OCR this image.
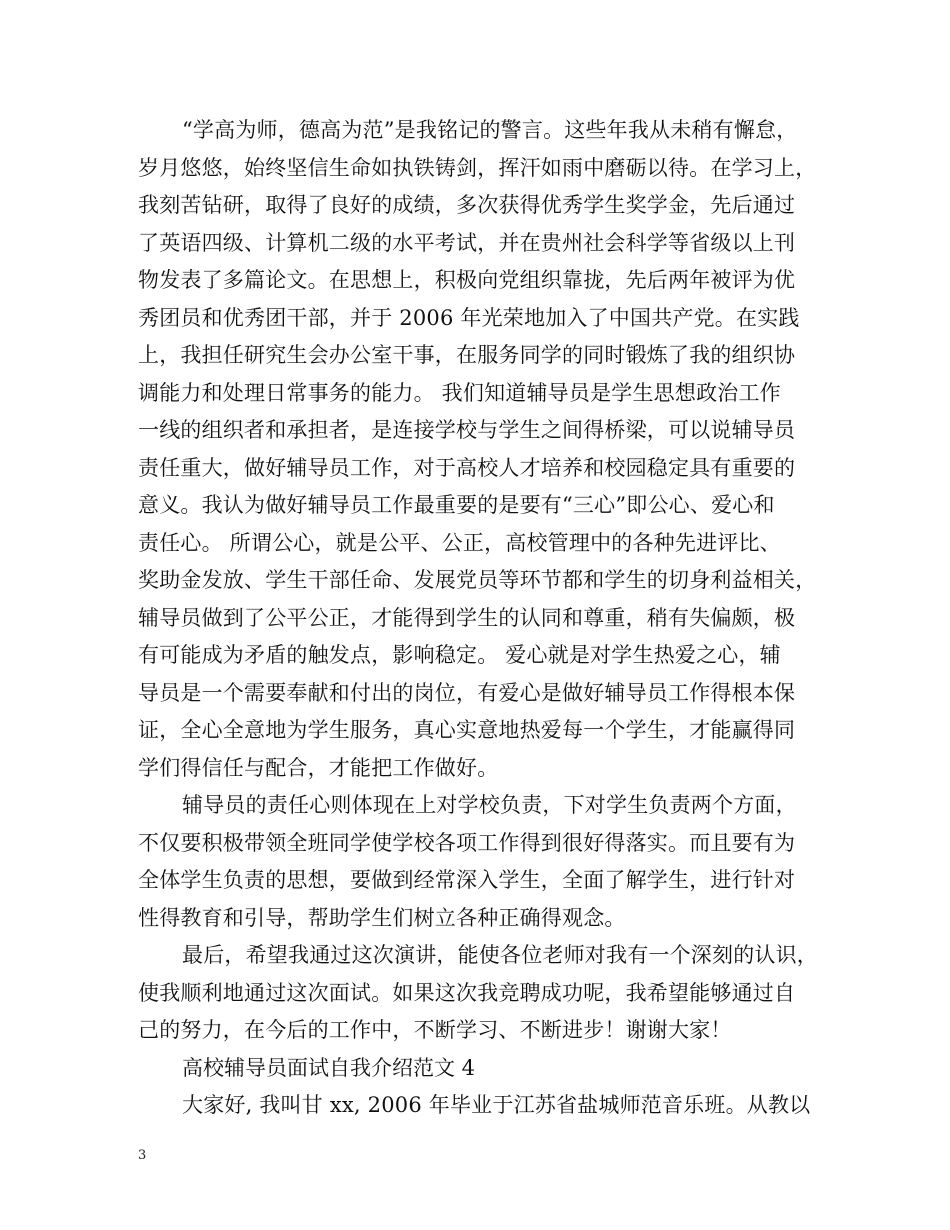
“学高为师，德高为范”是我铭记的警言。这些年我从未稍有懈怠，
岁月悠悠，始终坚信生命如执铁铸剑，挥汗如雨中磨砺以待。在学习上，
我刻苦钻研，取得了良好的成绩，多次获得优秀学生奖学金，先后通过
了英语四级、计算机二级的水平考试，并在贵州社会科学等省级以上刊
物发表了多篇论文。在思想上，积极向党组织靠拢，先后两年被评为优
秀团员和优秀团干部，并于 2006 年光荣地加入了中国共产党。在实践
上，我担任研究生会办公室干事，在服务同学的同时锻炼了我的组织协
调能力和处理日常事务的能力。 我们知道辅导员是学生思想政治工作
一线的组织者和承担者，是连接学校与学生之间得桥梁，可以说辅导员
责任重大，做好辅导员工作，对于高校人才培养和校园稳定具有重要的
意义。我认为做好辅导员工作最重要的是要有“三心”即公心、爱心和
责任心。 所谓公心，就是公平、公正，高校管理中的各种先进评比、
奖助金发放、学生干部任命、发展党员等环节都和学生的切身利益相关，
辅导员做到了公平公正，才能得到学生的认同和尊重，稍有失偏颇，极
有可能成为矛盾的触发点，影响稳定。 爱心就是对学生热爱之心，辅
导员是一个需要奉献和付出的岗位，有爱心是做好辅导员工作得根本保
证，全心全意地为学生服务，真心实意地热爱每一个学生，才能赢得同
学们得信任与配合，才能把工作做好。

辅导员的责任心则体现在上对学校负责，下对学生负责两个方面，
不仅要积极带领全班同学使学校各项工作得到很好得落实。而且要有为
全体学生负责的思想，要做到经常深入学生，全面了解学生，进行针对
性得教育和引导，帮助学生们树立各种正确得观念。

最后，希望我通过这次演讲，能使各位老师对我有一个深刻的认识，
使我顺利地通过这次面试。如果这次我竞聘成功呢，我希望能够通过自
己的努力，在今后的工作中，不断学习、不断进步！谢谢大家！

高校辅导员面试自我介绍范文 4

大家好, 我叫甘 xx, 2006 年毕业于江苏省盐城师范音乐班。从教以

3
